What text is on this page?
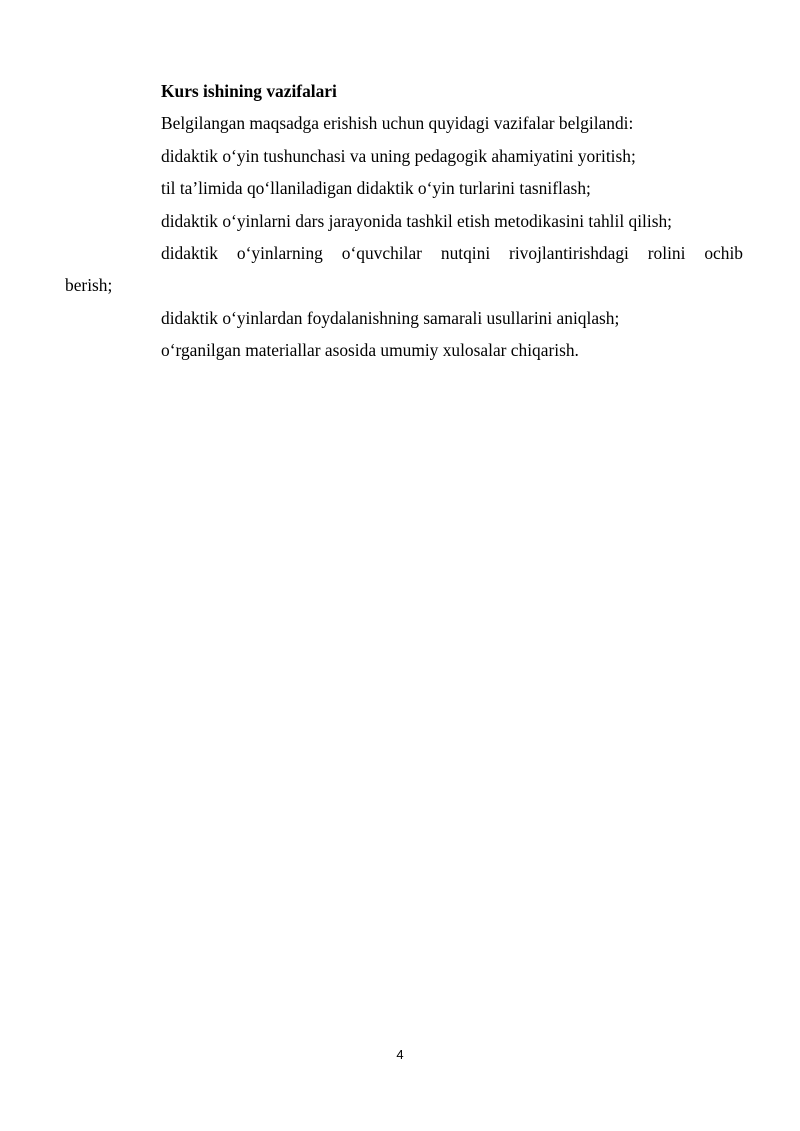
Kurs ishining vazifalari

Belgilangan maqsadga erishish uchun quyidagi vazifalar belgilandi:

didaktik o‘yin tushunchasi va uning pedagogik ahamiyatini yoritish;

til ta’limida qo‘llaniladigan didaktik o‘yin turlarini tasniflash;

didaktik o‘yinlarni dars jarayonida tashkil etish metodikasini tahlil qilish;

didaktik o‘yinlarning o‘quvchilar nutqini rivojlantirishdagi rolini ochib
berish;

didaktik o‘yinlardan foydalanishning samarali usullarini aniqlash;

o‘rganilgan materiallar asosida umumiy xulosalar chiqarish.

4
